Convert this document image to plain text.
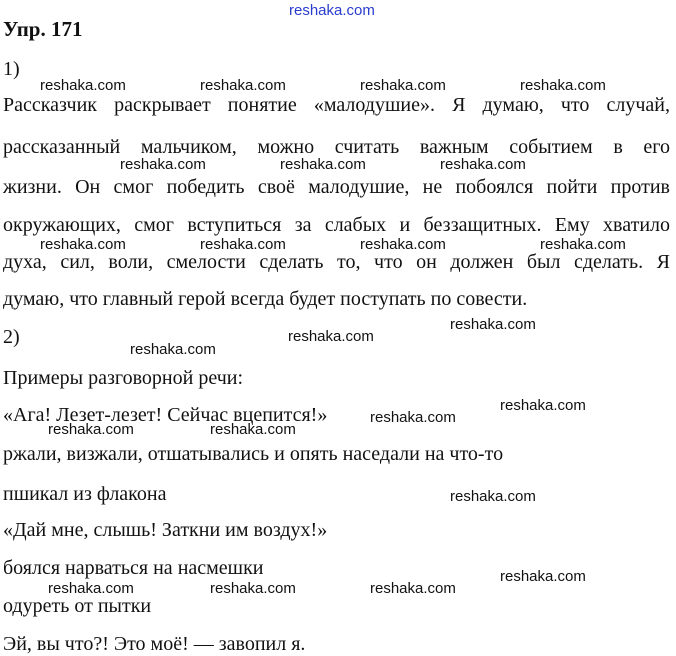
reshaka.com
Упр. 171
1)
Рассказчик раскрывает понятие «малодушие». Я думаю, что случай,
рассказанный мальчиком, можно считать важным событием в его
жизни. Он смог победить своё малодушие, не побоялся пойти против
окружающих, смог вступиться за слабых и беззащитных. Ему хватило
духа, сил, воли, смелости сделать то, что он должен был сделать. Я
думаю, что главный герой всегда будет поступать по совести.
2)
Примеры разговорной речи:
«Ага! Лезет-лезет! Сейчас вцепится!»
ржали, визжали, отшатывались и опять наседали на что-то
пшикал из флакона
«Дай мне, слышь! Заткни им воздух!»
боялся нарваться на насмешки
одуреть от пытки
Эй, вы что?! Это моё! — завопил я.
reshaka.com	reshaka.com	reshaka.com	reshaka.com
reshaka.com	reshaka.com	reshaka.com
reshaka.com	reshaka.com	reshaka.com	reshaka.com
reshaka.com
reshaka.com
reshaka.com
reshaka.com
reshaka.com
reshaka.com	reshaka.com
reshaka.com
reshaka.com
reshaka.com	reshaka.com	reshaka.com
